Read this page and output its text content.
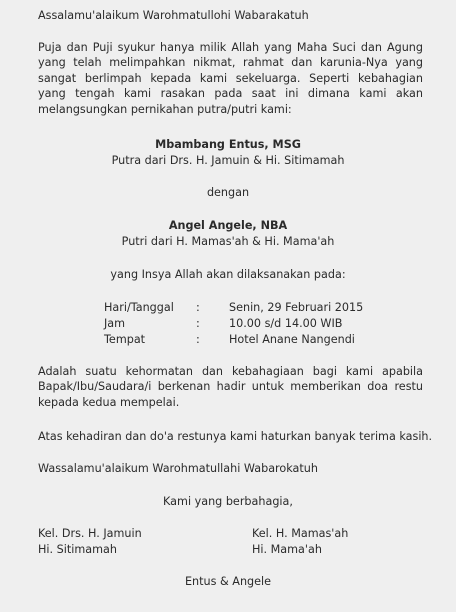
Assalamu'alaikum Warohmatullohi Wabarakatuh
Puja dan Puji syukur hanya milik Allah yang Maha Suci dan Agung yang telah melimpahkan nikmat, rahmat dan karunia-Nya yang sangat berlimpah kepada kami sekeluarga. Seperti kebahagian yang tengah kami rasakan pada saat ini dimana kami akan melangsungkan pernikahan putra/putri kami:
Mbambang Entus, MSG
Putra dari Drs. H. Jamuin & Hi. Sitimamah
dengan
Angel Angele, NBA
Putri dari H. Mamas'ah & Hi. Mama'ah
yang Insya Allah akan dilaksanakan pada:
Hari/Tanggal :	Senin, 29 Februari 2015
Jam	:	10.00 s/d 14.00 WIB
Tempat	:	Hotel Anane Nangendi
Adalah suatu kehormatan dan kebahagiaan bagi kami apabila Bapak/Ibu/Saudara/i berkenan hadir untuk memberikan doa restu kepada kedua mempelai.
Atas kehadiran dan do'a restunya kami haturkan banyak terima kasih.
Wassalamu'alaikum Warohmatullahi Wabarokatuh
Kami yang berbahagia,
Kel. Drs. H. Jamuin
Hi. Sitimamah
Kel. H. Mamas'ah
Hi. Mama'ah
Entus & Angele
